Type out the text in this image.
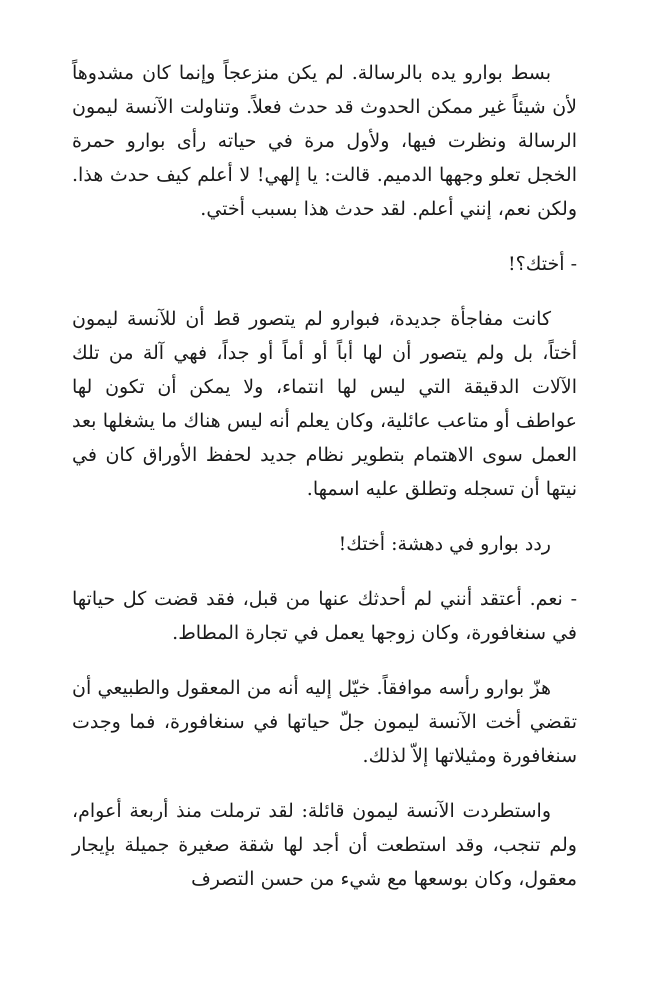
بسط بوارو يده بالرسالة. لم يكن منزعجاً وإنما كان مشدوهاً لأن شيئاً غير ممكن الحدوث قد حدث فعلاً. وتناولت الآنسة ليمون الرسالة ونظرت فيها، ولأول مرة في حياته رأى بوارو حمرة الخجل تعلو وجهها الدميم. قالت: يا إلهي! لا أعلم كيف حدث هذا. ولكن نعم، إنني أعلم. لقد حدث هذا بسبب أختي.

- أختك؟!

كانت مفاجأة جديدة، فبوارو لم يتصور قط أن للآنسة ليمون أختاً، بل ولم يتصور أن لها أباً أو أماً أو جداً، فهي آلة من تلك الآلات الدقيقة التي ليس لها انتماء، ولا يمكن أن تكون لها عواطف أو متاعب عائلية، وكان يعلم أنه ليس هناك ما يشغلها بعد العمل سوى الاهتمام بتطوير نظام جديد لحفظ الأوراق كان في نيتها أن تسجله وتطلق عليه اسمها.

ردد بوارو في دهشة: أختك!

- نعم. أعتقد أنني لم أحدثك عنها من قبل، فقد قضت كل حياتها في سنغافورة، وكان زوجها يعمل في تجارة المطاط.

هزّ بوارو رأسه موافقاً. خيّل إليه أنه من المعقول والطبيعي أن تقضي أخت الآنسة ليمون جلّ حياتها في سنغافورة، فما وجدت سنغافورة ومثيلاتها إلاّ لذلك.

واستطردت الآنسة ليمون قائلة: لقد ترملت منذ أربعة أعوام، ولم تنجب، وقد استطعت أن أجد لها شقة صغيرة جميلة بإيجار معقول، وكان بوسعها مع شيء من حسن التصرف
